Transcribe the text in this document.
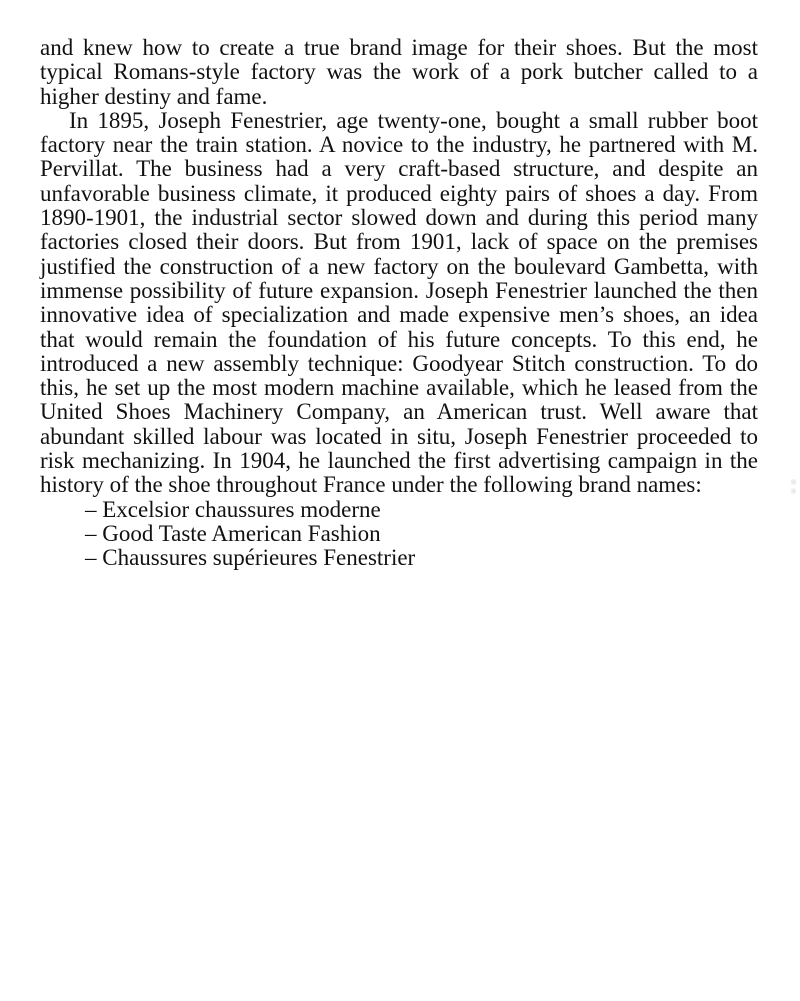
and knew how to create a true brand image for their shoes. But the most typical Romans-style factory was the work of a pork butcher called to a higher destiny and fame.

In 1895, Joseph Fenestrier, age twenty-one, bought a small rubber boot factory near the train station. A novice to the industry, he partnered with M. Pervillat. The business had a very craft-based structure, and despite an unfavorable business climate, it produced eighty pairs of shoes a day. From 1890-1901, the industrial sector slowed down and during this period many factories closed their doors. But from 1901, lack of space on the premises justified the construction of a new factory on the boulevard Gambetta, with immense possibility of future expansion. Joseph Fenestrier launched the then innovative idea of specialization and made expensive men’s shoes, an idea that would remain the foundation of his future concepts. To this end, he introduced a new assembly technique: Goodyear Stitch construction. To do this, he set up the most modern machine available, which he leased from the United Shoes Machinery Company, an American trust. Well aware that abundant skilled labour was located in situ, Joseph Fenestrier proceeded to risk mechanizing. In 1904, he launched the first advertising campaign in the history of the shoe throughout France under the following brand names:

– Excelsior chaussures moderne
– Good Taste American Fashion
– Chaussures supérieures Fenestrier
※※
